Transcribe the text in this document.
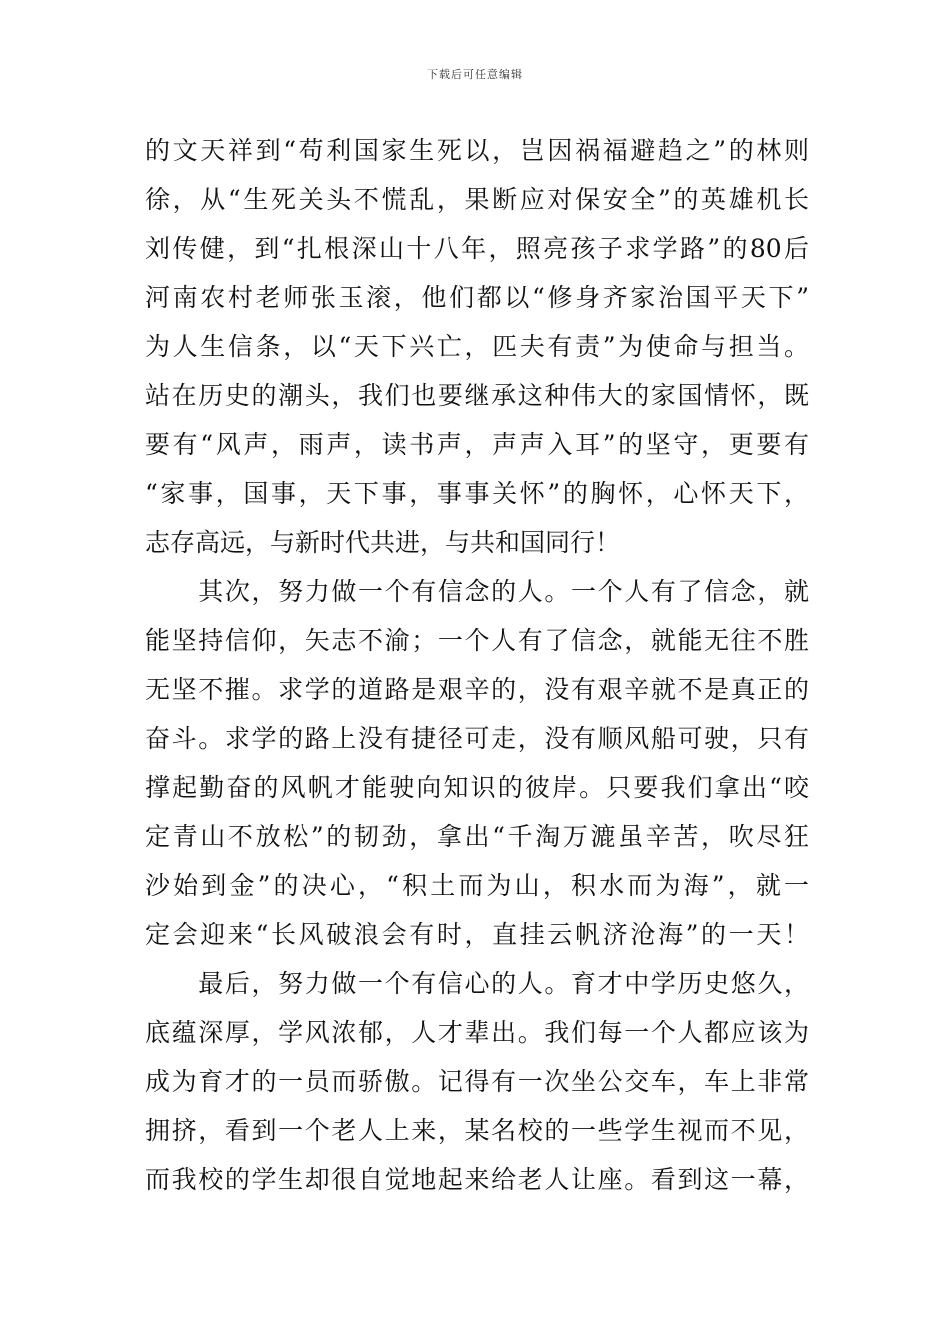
下载后可任意编辑
的文天祥到“苟利国家生死以，岂因祸福避趋之”的林则
徐，从“生死关头不慌乱，果断应对保安全”的英雄机长
刘传健，到“扎根深山十八年，照亮孩子求学路”的80后
河南农村老师张玉滚，他们都以“修身齐家治国平天下”
为人生信条，以“天下兴亡，匹夫有责”为使命与担当。
站在历史的潮头，我们也要继承这种伟大的家国情怀，既
要有“风声，雨声，读书声，声声入耳”的坚守，更要有
“家事，国事，天下事，事事关怀”的胸怀，心怀天下，
志存高远，与新时代共进，与共和国同行！
　　其次，努力做一个有信念的人。一个人有了信念，就
能坚持信仰，矢志不渝；一个人有了信念，就能无往不胜
无坚不摧。求学的道路是艰辛的，没有艰辛就不是真正的
奋斗。求学的路上没有捷径可走，没有顺风船可驶，只有
撑起勤奋的风帆才能驶向知识的彼岸。只要我们拿出“咬
定青山不放松”的韧劲，拿出“千淘万漉虽辛苦，吹尽狂
沙始到金”的决心，“积土而为山，积水而为海”，就一
定会迎来“长风破浪会有时，直挂云帆济沧海”的一天！
　　最后，努力做一个有信心的人。育才中学历史悠久，
底蕴深厚，学风浓郁，人才辈出。我们每一个人都应该为
成为育才的一员而骄傲。记得有一次坐公交车，车上非常
拥挤，看到一个老人上来，某名校的一些学生视而不见，
而我校的学生却很自觉地起来给老人让座。看到这一幕，
